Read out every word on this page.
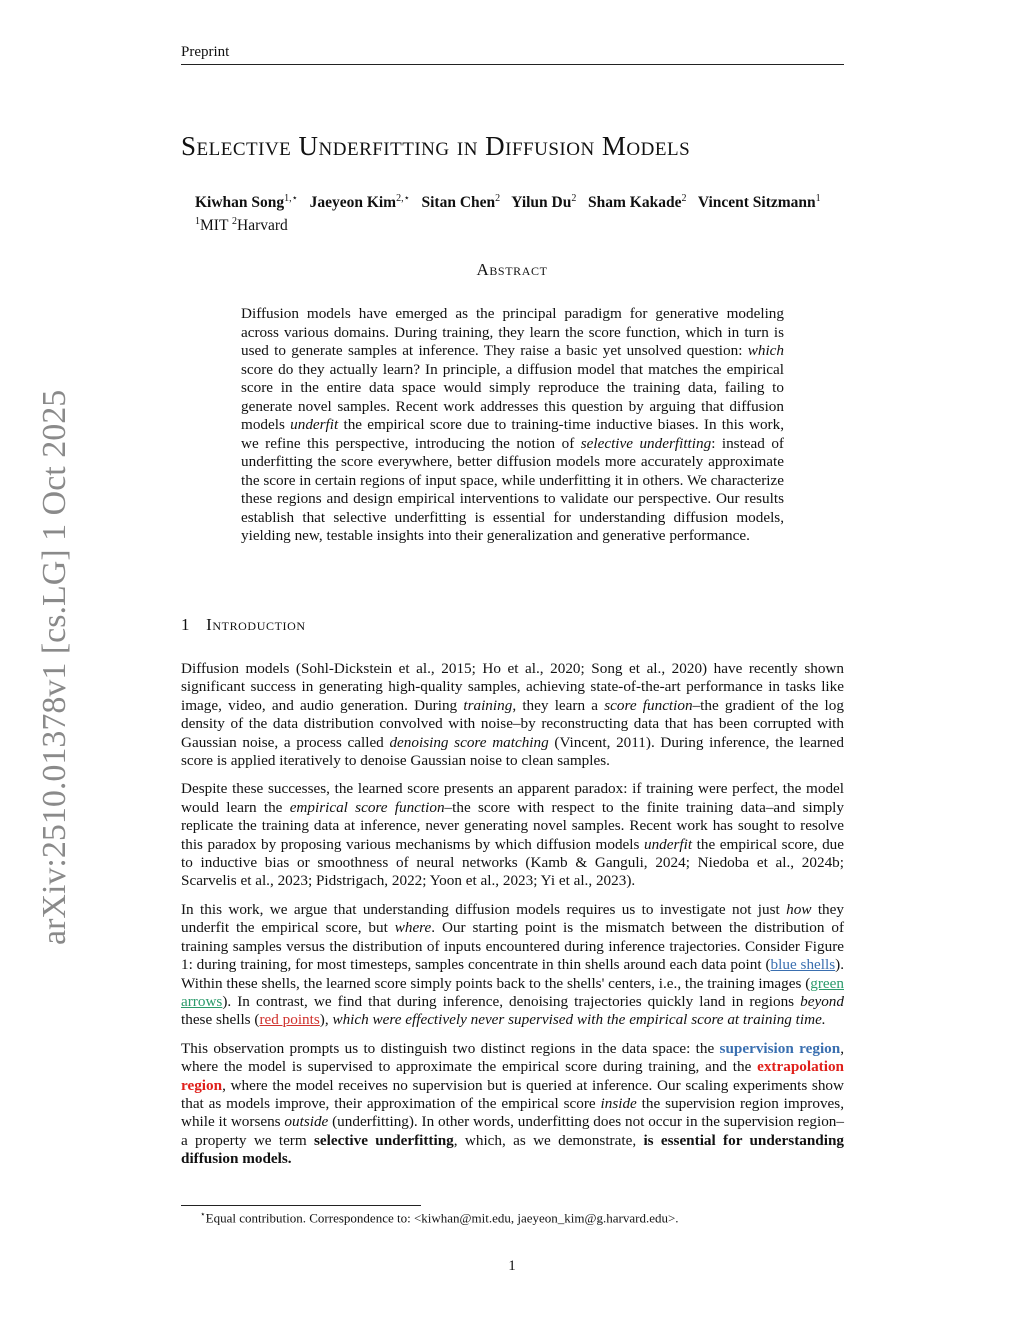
arXiv:2510.01378v1 [cs.LG] 1 Oct 2025
Preprint
Selective Underfitting in Diffusion Models
Kiwhan Song$^{1,⋆}$ Jaeyeon Kim$^{2,⋆}$ Sitan Chen$^2$ Yilun Du$^2$ Sham Kakade$^2$ Vincent Sitzmann$^1$
$^1$MIT $^2$Harvard
Abstract
Diffusion models have emerged as the principal paradigm for generative modeling across various domains. During training, they learn the score function, which in turn is used to generate samples at inference. They raise a basic yet unsolved question: which score do they actually learn? In principle, a diffusion model that matches the empirical score in the entire data space would simply reproduce the training data, failing to generate novel samples. Recent work addresses this question by arguing that diffusion models underfit the empirical score due to training-time inductive biases. In this work, we refine this perspective, introducing the notion of selective underfitting: instead of underfitting the score everywhere, better diffusion models more accurately approximate the score in certain regions of input space, while underfitting it in others. We characterize these regions and design empirical interventions to validate our perspective. Our results establish that selective underfitting is essential for understanding diffusion models, yielding new, testable insights into their generalization and generative performance.
1 Introduction

Diffusion models (Sohl-Dickstein et al., 2015; Ho et al., 2020; Song et al., 2020) have recently shown significant success in generating high-quality samples, achieving state-of-the-art performance in tasks like image, video, and audio generation. During training, they learn a score function–the gradient of the log density of the data distribution convolved with noise–by reconstructing data that has been corrupted with Gaussian noise, a process called denoising score matching (Vincent, 2011). During inference, the learned score is applied iteratively to denoise Gaussian noise to clean samples.

Despite these successes, the learned score presents an apparent paradox: if training were perfect, the model would learn the empirical score function–the score with respect to the finite training data–and simply replicate the training data at inference, never generating novel samples. Recent work has sought to resolve this paradox by proposing various mechanisms by which diffusion models underfit the empirical score, due to inductive bias or smoothness of neural networks (Kamb & Ganguli, 2024; Niedoba et al., 2024b; Scarvelis et al., 2023; Pidstrigach, 2022; Yoon et al., 2023; Yi et al., 2023).

In this work, we argue that understanding diffusion models requires us to investigate not just how they underfit the empirical score, but where. Our starting point is the mismatch between the distribution of training samples versus the distribution of inputs encountered during inference trajectories. Consider Figure 1: during training, for most timesteps, samples concentrate in thin shells around each data point (blue shells). Within these shells, the learned score simply points back to the shells' centers, i.e., the training images (green arrows). In contrast, we find that during inference, denoising trajectories quickly land in regions beyond these shells (red points), which were effectively never supervised with the empirical score at training time.

This observation prompts us to distinguish two distinct regions in the data space: the supervision region, where the model is supervised to approximate the empirical score during training, and the extrapolation region, where the model receives no supervision but is queried at inference. Our scaling experiments show that as models improve, their approximation of the empirical score inside the supervision region improves, while it worsens outside (underfitting). In other words, underfitting does not occur in the supervision region–a property we term selective underfitting, which, as we demonstrate, is essential for understanding diffusion models.

⋆Equal contribution. Correspondence to: <kiwhan@mit.edu, jaeyeon_kim@g.harvard.edu>.
1
